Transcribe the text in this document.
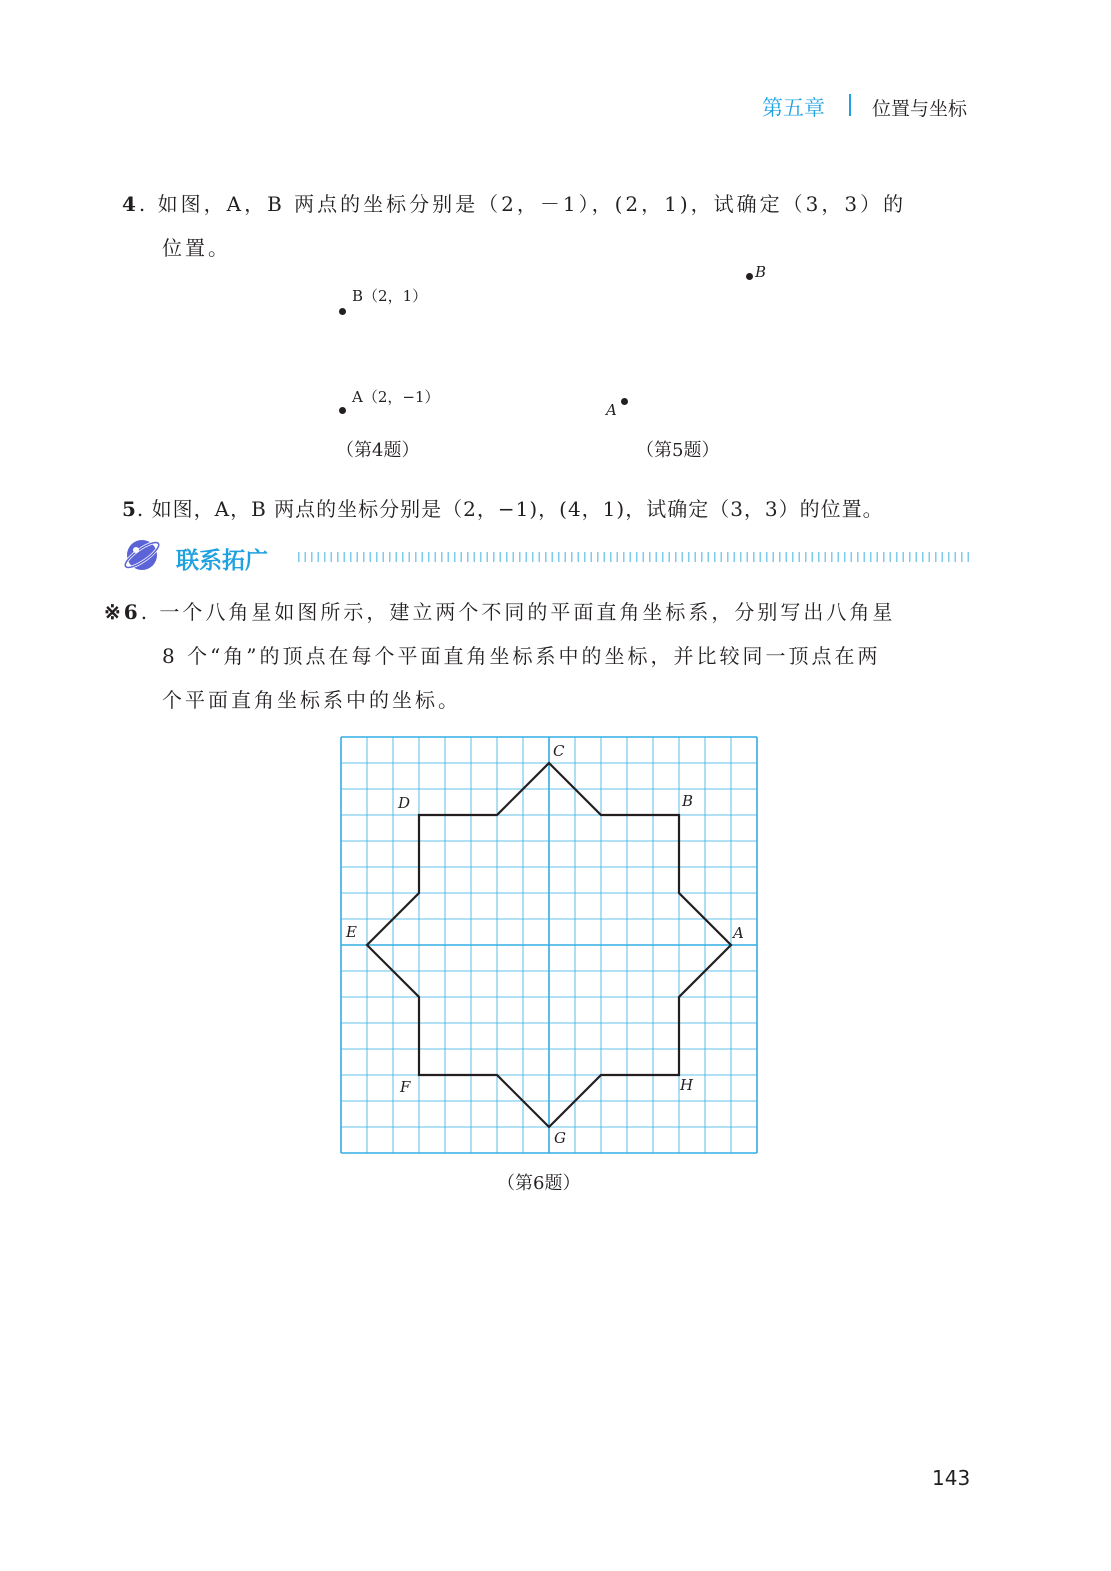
第五章 位置与坐标
4. 如图，A，B 两点的坐标分别是（2，－1），(2，1)，试确定（3，3）的
位置。
B（2，1）
A（2，−1）
（第4题）
B
A
（第5题）
5. 如图，A，B 两点的坐标分别是（2，−1)，(4，1)，试确定（3，3）的位置。
联系拓广
※6. 一个八角星如图所示，建立两个不同的平面直角坐标系，分别写出八角星
8 个“角”的顶点在每个平面直角坐标系中的坐标，并比较同一顶点在两
个平面直角坐标系中的坐标。
C
D	B
E	A
F	H
G
（第6题）
143
